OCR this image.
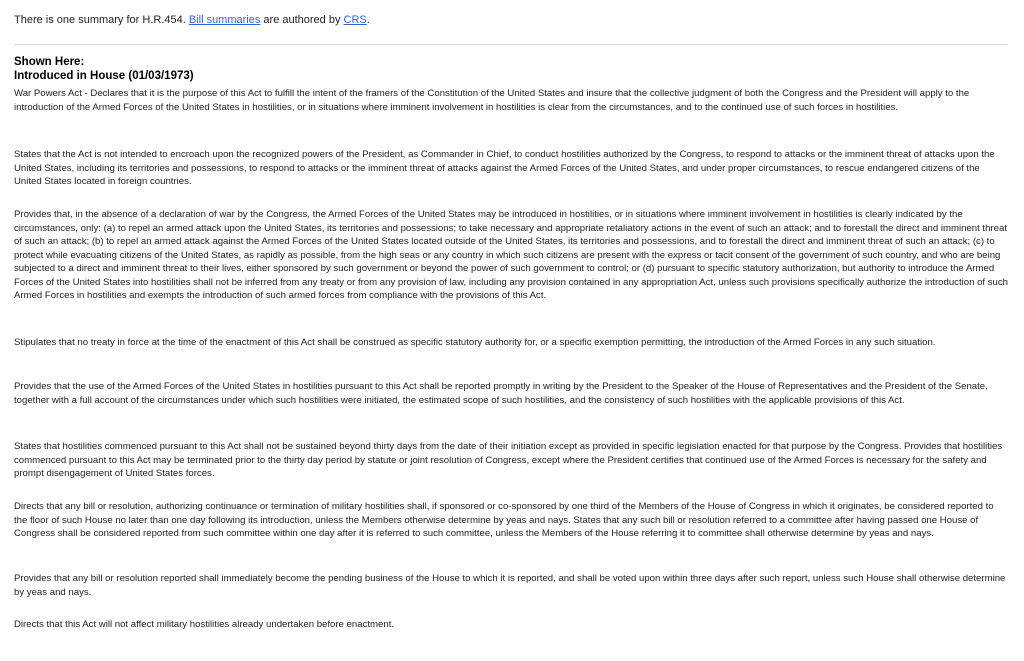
There is one summary for H.R.454. Bill summaries are authored by CRS.
Shown Here:
Introduced in House (01/03/1973)

War Powers Act - Declares that it is the purpose of this Act to fulfill the intent of the framers of the Constitution of the United States and insure that the collective judgment of both the Congress and the President will apply to the introduction of the Armed Forces of the United States in hostilities, or in situations where imminent involvement in hostilities is clear from the circumstances, and to the continued use of such forces in hostilities.

States that the Act is not intended to encroach upon the recognized powers of the President, as Commander in Chief, to conduct hostilities authorized by the Congress, to respond to attacks or the imminent threat of attacks upon the United States, including its territories and possessions, to respond to attacks or the imminent threat of attacks against the Armed Forces of the United States, and under proper circumstances, to rescue endangered citizens of the United States located in foreign countries.

Provides that, in the absence of a declaration of war by the Congress, the Armed Forces of the United States may be introduced in hostilities, or in situations where imminent involvement in hostilities is clearly indicated by the circumstances, only: (a) to repel an armed attack upon the United States, its territories and possessions; to take necessary and appropriate retaliatory actions in the event of such an attack; and to forestall the direct and imminent threat of such an attack; (b) to repel an armed attack against the Armed Forces of the United States located outside of the United States, its territories and possessions, and to forestall the direct and imminent threat of such an attack; (c) to protect while evacuating citizens of the United States, as rapidly as possible, from the high seas or any country in which such citizens are present with the express or tacit consent of the government of such country, and who are being subjected to a direct and imminent threat to their lives, either sponsored by such government or beyond the power of such government to control; or (d) pursuant to specific statutory authorization, but authority to introduce the Armed Forces of the United States into hostilities shall not be inferred from any treaty or from any provision of law, including any provision contained in any appropriation Act, unless such provisions specifically authorize the introduction of such Armed Forces in hostilities and exempts the introduction of such armed forces from compliance with the provisions of this Act.

Stipulates that no treaty in force at the time of the enactment of this Act shall be construed as specific statutory authority for, or a specific exemption permitting, the introduction of the Armed Forces in any such situation.

Provides that the use of the Armed Forces of the United States in hostilities pursuant to this Act shall be reported promptly in writing by the President to the Speaker of the House of Representatives and the President of the Senate, together with a full account of the circumstances under which such hostilities were initiated, the estimated scope of such hostilities, and the consistency of such hostilities with the applicable provisions of this Act.

States that hostilities commenced pursuant to this Act shall not be sustained beyond thirty days from the date of their initiation except as provided in specific legislation enacted for that purpose by the Congress. Provides that hostilities commenced pursuant to this Act may be terminated prior to the thirty day period by statute or joint resolution of Congress, except where the President certifies that continued use of the Armed Forces is necessary for the safety and prompt disengagement of United States forces.

Directs that any bill or resolution, authorizing continuance or termination of military hostilities shall, if sponsored or co-sponsored by one third of the Members of the House of Congress in which it originates, be considered reported to the floor of such House no later than one day following its introduction, unless the Members otherwise determine by yeas and nays. States that any such bill or resolution referred to a committee after having passed one House of Congress shall be considered reported from such committee within one day after it is referred to such committee, unless the Members of the House referring it to committee shall otherwise determine by yeas and nays.

Provides that any bill or resolution reported shall immediately become the pending business of the House to which it is reported, and shall be voted upon within three days after such report, unless such House shall otherwise determine by yeas and nays.

Directs that this Act will not affect military hostilities already undertaken before enactment.
